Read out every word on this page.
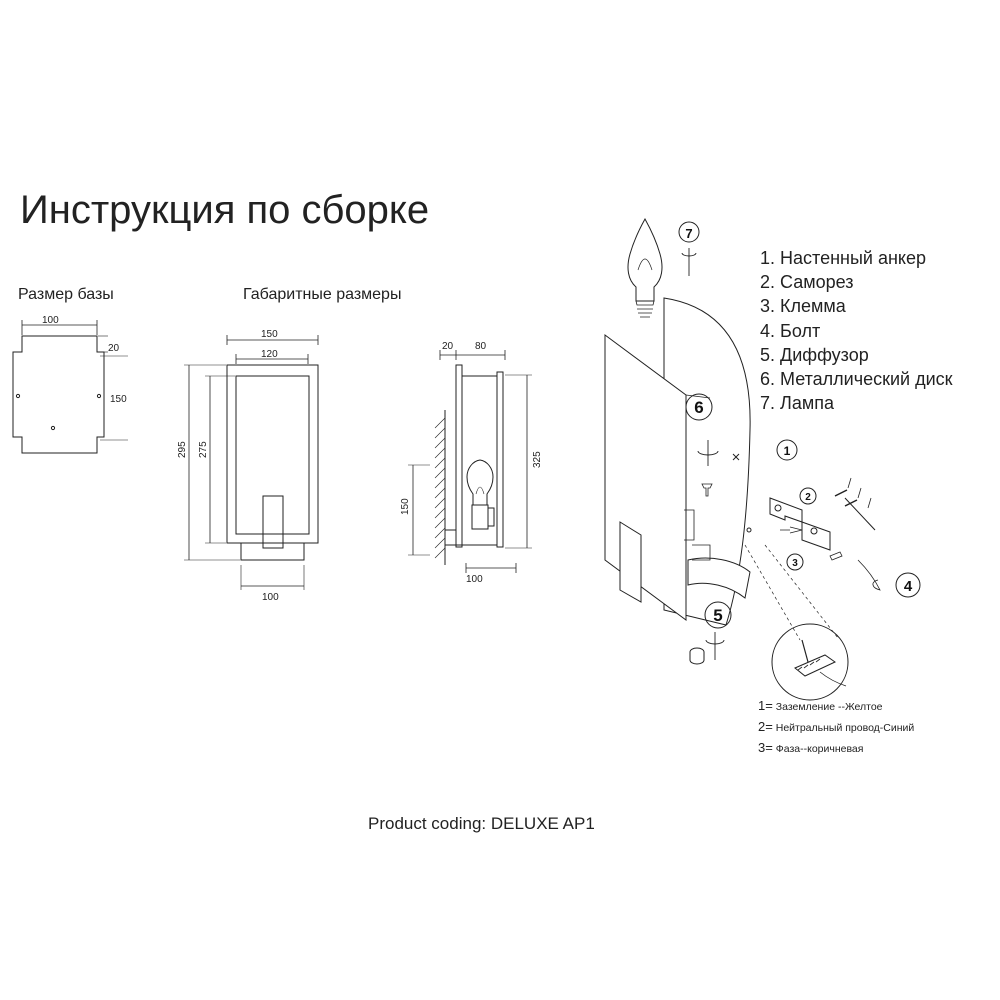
Инструкция по сборке
Размер базы	Габаритные размеры
100
20
150
150
120
295 275
100
20 80
325
150
100
7
6
5
4
1
3
2
1. Настенный анкер
2. Саморез
3. Клемма
4. Болт
5. Диффузор
6. Металлический диск
7. Лампа
1= Заземление --Желтое
2= Нейтральный провод-Синий
3= Фаза--коричневая
Product coding: DELUXE AP1
